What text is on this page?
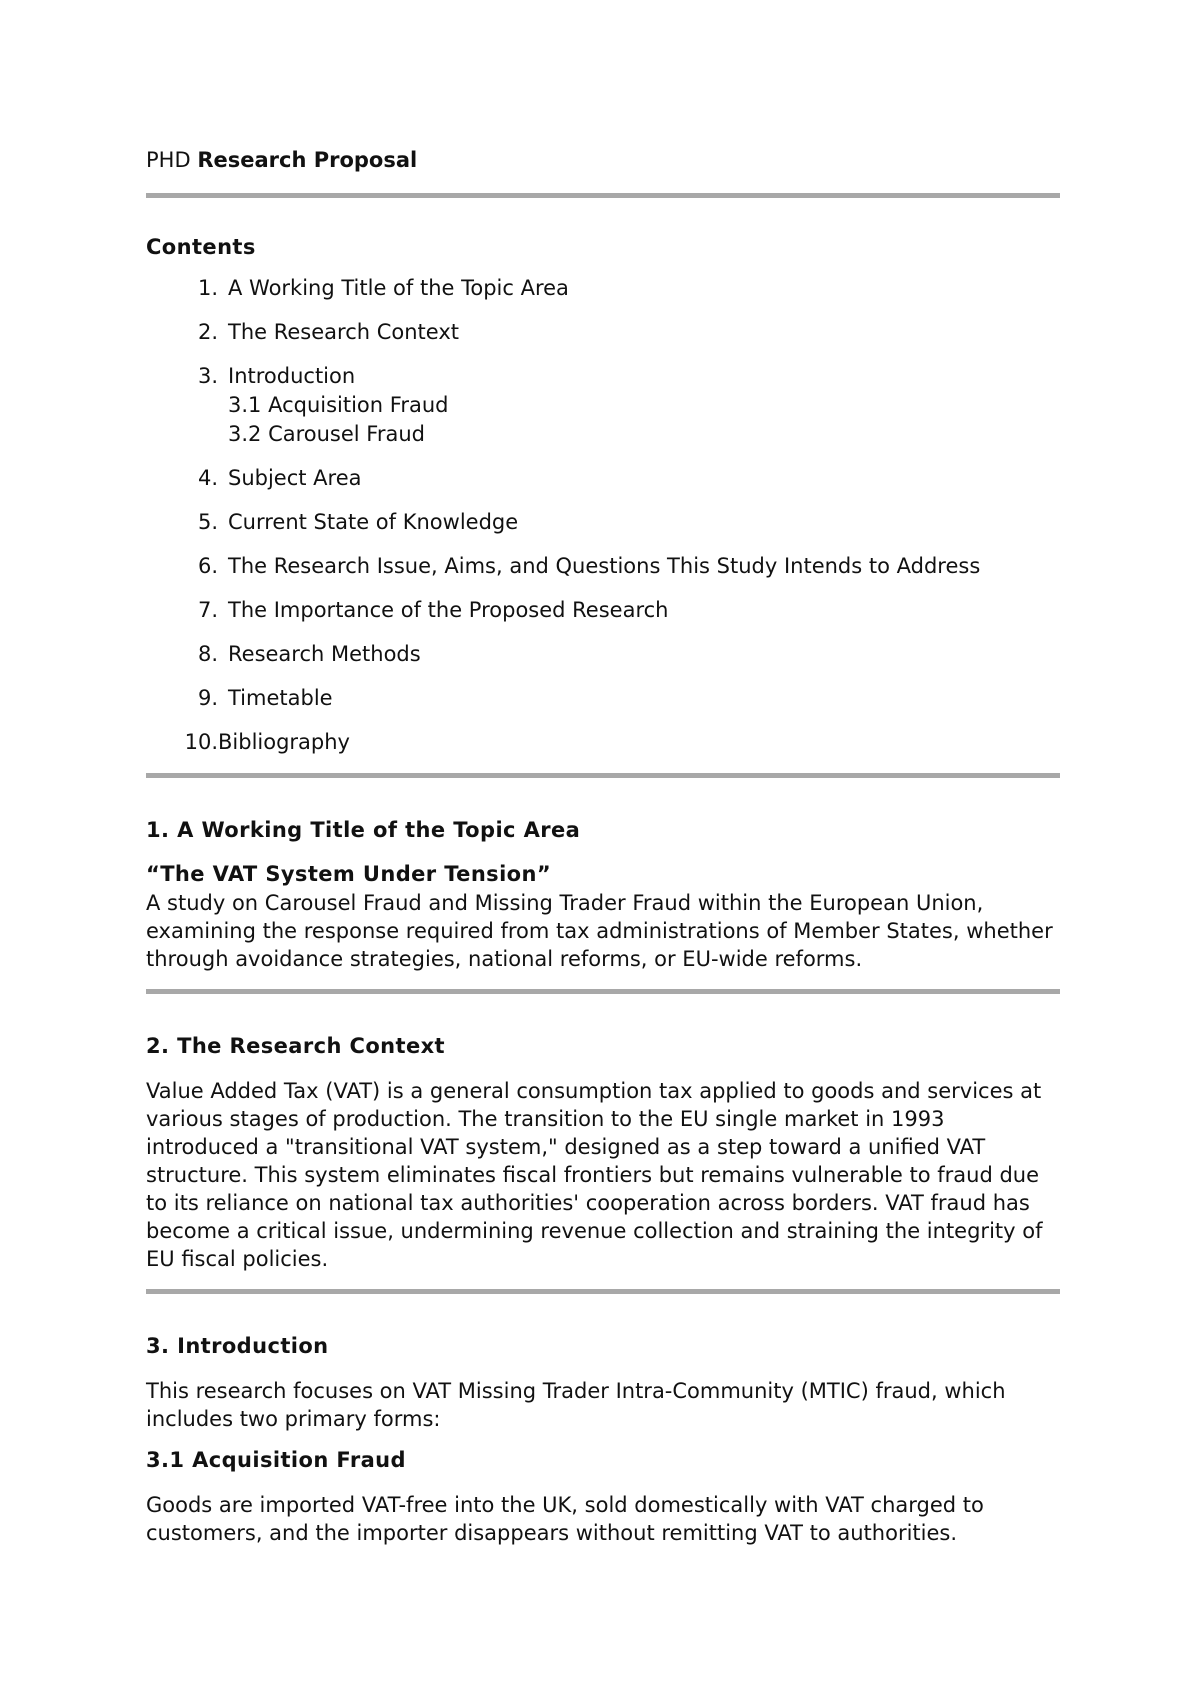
PHD Research Proposal
Contents
1. A Working Title of the Topic Area
2. The Research Context
3. Introduction
3.1 Acquisition Fraud
3.2 Carousel Fraud
4. Subject Area
5. Current State of Knowledge
6. The Research Issue, Aims, and Questions This Study Intends to Address
7. The Importance of the Proposed Research
8. Research Methods
9. Timetable
10. Bibliography
1. A Working Title of the Topic Area
“The VAT System Under Tension”

A study on Carousel Fraud and Missing Trader Fraud within the European Union, examining the response required from tax administrations of Member States, whether through avoidance strategies, national reforms, or EU-wide reforms.

2. The Research Context

Value Added Tax (VAT) is a general consumption tax applied to goods and services at various stages of production. The transition to the EU single market in 1993 introduced a "transitional VAT system," designed as a step toward a unified VAT structure. This system eliminates fiscal frontiers but remains vulnerable to fraud due to its reliance on national tax authorities' cooperation across borders. VAT fraud has become a critical issue, undermining revenue collection and straining the integrity of EU fiscal policies.

3. Introduction

This research focuses on VAT Missing Trader Intra-Community (MTIC) fraud, which includes two primary forms:

3.1 Acquisition Fraud

Goods are imported VAT-free into the UK, sold domestically with VAT charged to customers, and the importer disappears without remitting VAT to authorities.
